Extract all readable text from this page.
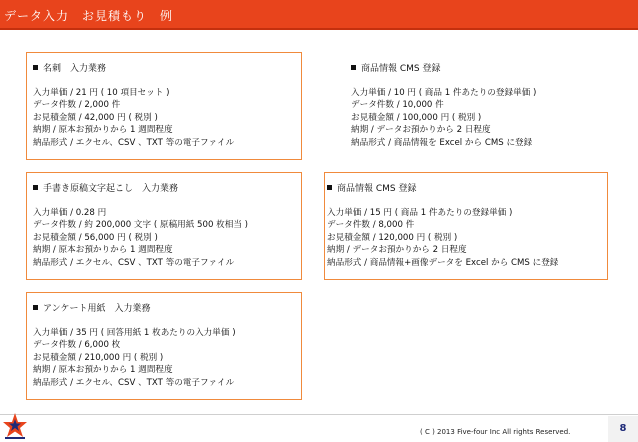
データ入力　お見積もり　例
名刺　入力業務
入力単価 / 21 円 ( 10 項目セット )
データ件数 / 2,000 件
お見積金額 / 42,000 円 ( 税別 )
納期 / 原本お預かりから 1 週間程度
納品形式 / エクセル、CSV 、TXT 等の電子ファイル
商品情報 CMS 登録
入力単価 / 10 円 ( 商品 1 件あたりの登録単価 )
データ件数 / 10,000 件
お見積金額 / 100,000 円 ( 税別 )
納期 / データお預かりから 2 日程度
納品形式 / 商品情報を Excel から CMS に登録
手書き原稿文字起こし　入力業務
入力単価 / 0.28 円
データ件数 / 約 200,000 文字 ( 原稿用紙 500 枚相当 )
お見積金額 / 56,000 円 ( 税別 )
納期 / 原本お預かりから 1 週間程度
納品形式 / エクセル、CSV 、TXT 等の電子ファイル
商品情報 CMS 登録
入力単価 / 15 円 ( 商品 1 件あたりの登録単価 )
データ件数 / 8,000 件
お見積金額 / 120,000 円 ( 税別 )
納期 / データお預かりから 2 日程度
納品形式 / 商品情報+画像データを Excel から CMS に登録
アンケート用紙　入力業務
入力単価 / 35 円 ( 回答用紙 1 枚あたりの入力単価 )
データ件数 / 6,000 枚
お見積金額 / 210,000 円 ( 税別 )
納期 / 原本お預かりから 1 週間程度
納品形式 / エクセル、CSV 、TXT 等の電子ファイル
( C ) 2013 Five-four Inc All rights Reserved.	8
